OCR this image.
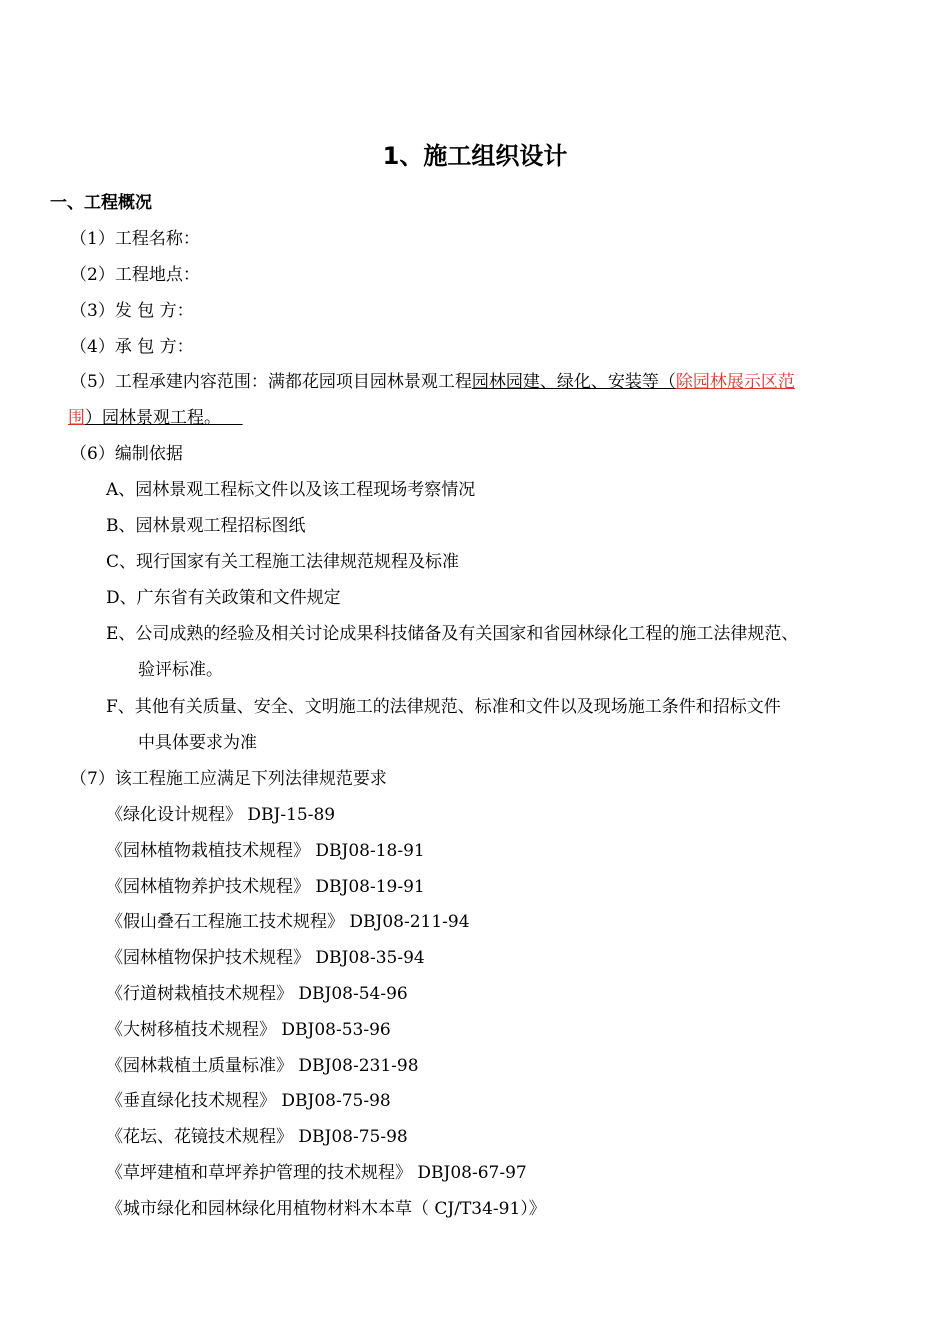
1、施工组织设计
一、工程概况
（1）工程名称：
（2）工程地点：
（3）发 包 方：
（4）承 包 方：
（5）工程承建内容范围：满都花园项目园林景观工程园林园建、绿化、安装等（除园林展示区范
围）园林景观工程。
（6）编制依据
A、园林景观工程标文件以及该工程现场考察情况
B、园林景观工程招标图纸
C、现行国家有关工程施工法律规范规程及标准
D、广东省有关政策和文件规定
E、公司成熟的经验及相关讨论成果科技储备及有关国家和省园林绿化工程的施工法律规范、
验评标准。
F、其他有关质量、安全、文明施工的法律规范、标准和文件以及现场施工条件和招标文件
中具体要求为准
（7）该工程施工应满足下列法律规范要求
《绿化设计规程》 DBJ-15-89
《园林植物栽植技术规程》 DBJ08-18-91
《园林植物养护技术规程》 DBJ08-19-91
《假山叠石工程施工技术规程》 DBJ08-211-94
《园林植物保护技术规程》 DBJ08-35-94
《行道树栽植技术规程》 DBJ08-54-96
《大树移植技术规程》 DBJ08-53-96
《园林栽植土质量标准》 DBJ08-231-98
《垂直绿化技术规程》 DBJ08-75-98
《花坛、花镜技术规程》 DBJ08-75-98
《草坪建植和草坪养护管理的技术规程》 DBJ08-67-97
《城市绿化和园林绿化用植物材料木本草（ CJ/T34-91）》
